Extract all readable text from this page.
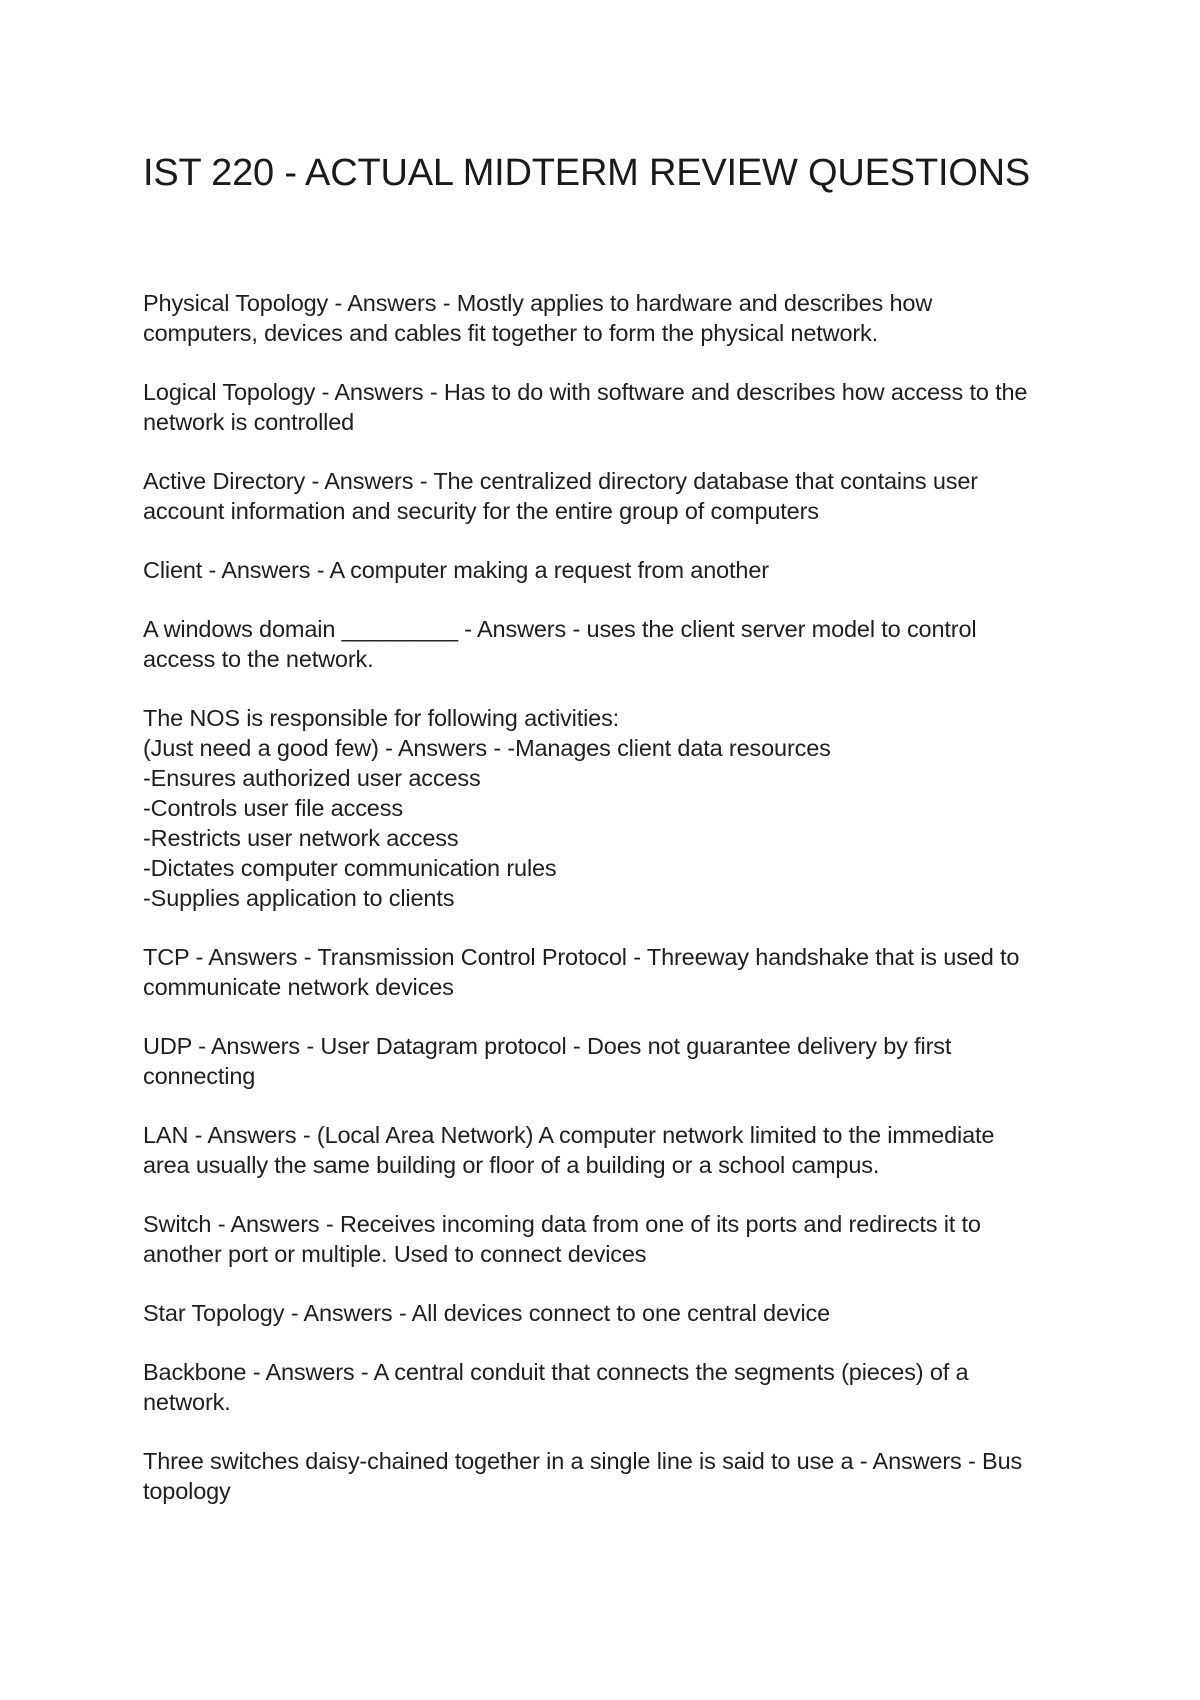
IST 220 - ACTUAL MIDTERM REVIEW QUESTIONS
Physical Topology - Answers - Mostly applies to hardware and describes how
computers, devices and cables fit together to form the physical network.
Logical Topology - Answers - Has to do with software and describes how access to the
network is controlled
Active Directory - Answers - The centralized directory database that contains user
account information and security for the entire group of computers
Client - Answers - A computer making a request from another
A windows domain _________ - Answers - uses the client server model to control
access to the network.
The NOS is responsible for following activities:
(Just need a good few) - Answers - -Manages client data resources
-Ensures authorized user access
-Controls user file access
-Restricts user network access
-Dictates computer communication rules
-Supplies application to clients
TCP - Answers - Transmission Control Protocol - Threeway handshake that is used to
communicate network devices
UDP - Answers - User Datagram protocol - Does not guarantee delivery by first
connecting
LAN - Answers - (Local Area Network) A computer network limited to the immediate
area usually the same building or floor of a building or a school campus.
Switch - Answers - Receives incoming data from one of its ports and redirects it to
another port or multiple. Used to connect devices
Star Topology - Answers - All devices connect to one central device
Backbone - Answers - A central conduit that connects the segments (pieces) of a
network.
Three switches daisy-chained together in a single line is said to use a - Answers - Bus
topology
